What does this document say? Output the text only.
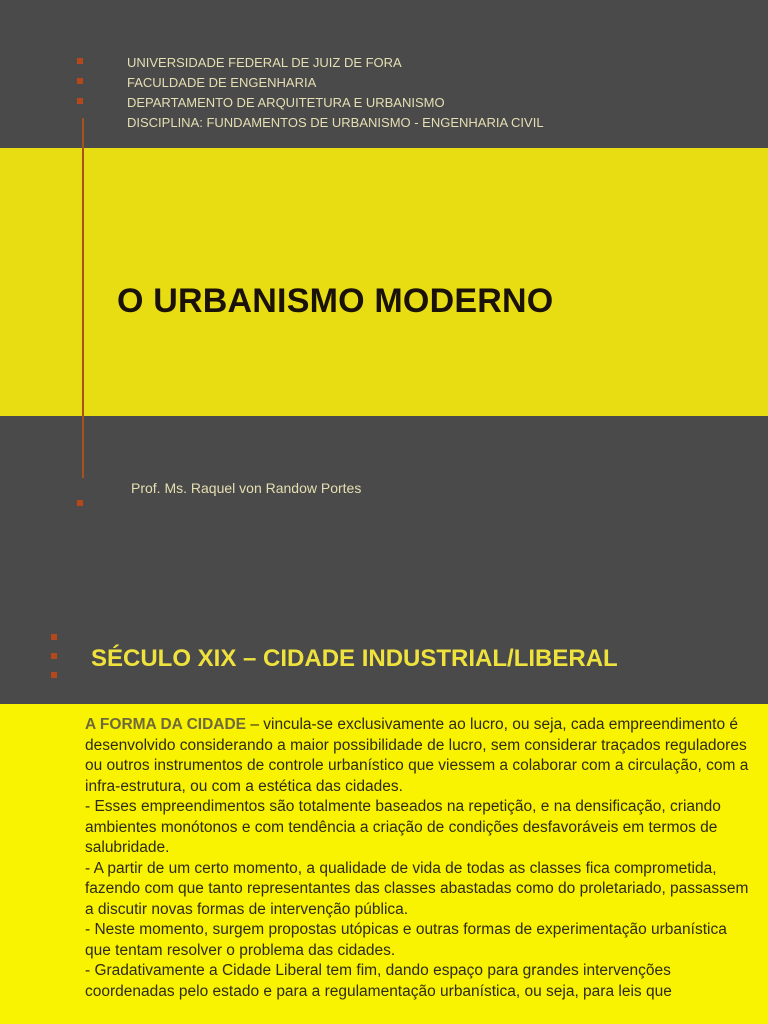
UNIVERSIDADE FEDERAL DE JUIZ DE FORA
FACULDADE DE ENGENHARIA
DEPARTAMENTO DE ARQUITETURA E URBANISMO
DISCIPLINA: FUNDAMENTOS DE URBANISMO - ENGENHARIA CIVIL
O URBANISMO MODERNO
Prof. Ms. Raquel von Randow Portes
SÉCULO XIX – CIDADE INDUSTRIAL/LIBERAL

A FORMA DA CIDADE – vincula-se exclusivamente ao lucro, ou seja, cada empreendimento é desenvolvido considerando a maior possibilidade de lucro, sem considerar traçados reguladores ou outros instrumentos de controle urbanístico que viessem a colaborar com a circulação, com a infra-estrutura, ou com a estética das cidades.

- Esses empreendimentos são totalmente baseados na repetição, e na densificação, criando ambientes monótonos e com tendência a criação de condições desfavoráveis em termos de salubridade.

- A partir de um certo momento, a qualidade de vida de todas as classes fica comprometida, fazendo com que tanto representantes das classes abastadas como do proletariado, passassem a discutir novas formas de intervenção pública.

- Neste momento, surgem propostas utópicas e outras formas de experimentação urbanística que tentam resolver o problema das cidades.

- Gradativamente a Cidade Liberal tem fim, dando espaço para grandes intervenções coordenadas pelo estado e para a regulamentação urbanística, ou seja, para leis que
